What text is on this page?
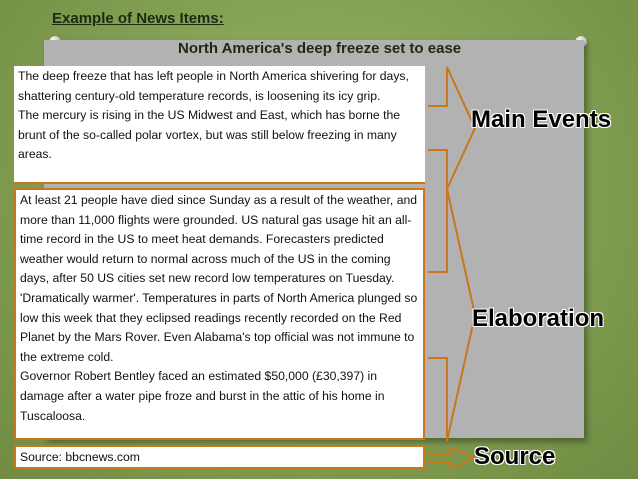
Example of News Items:
North America's deep freeze set to ease

The deep freeze that has left people in North America shivering for days, shattering century-old temperature records, is loosening its icy grip.

The mercury is rising in the US Midwest and East, which has borne the brunt of the so-called polar vortex, but was still below freezing in many areas.

At least 21 people have died since Sunday as a result of the weather, and more than 11,000 flights were grounded. US natural gas usage hit an all-time record in the US to meet heat demands. Forecasters predicted weather would return to normal across much of the US in the coming days, after 50 US cities set new record low temperatures on Tuesday.

'Dramatically warmer'. Temperatures in parts of North America plunged so low this week that they eclipsed readings recently recorded on the Red Planet by the Mars Rover. Even Alabama's top official was not immune to the extreme cold.

Governor Robert Bentley faced an estimated $50,000 (£30,397) in damage after a water pipe froze and burst in the attic of his home in Tuscaloosa.

Source: bbcnews.com
Main Events
Elaboration
Source
